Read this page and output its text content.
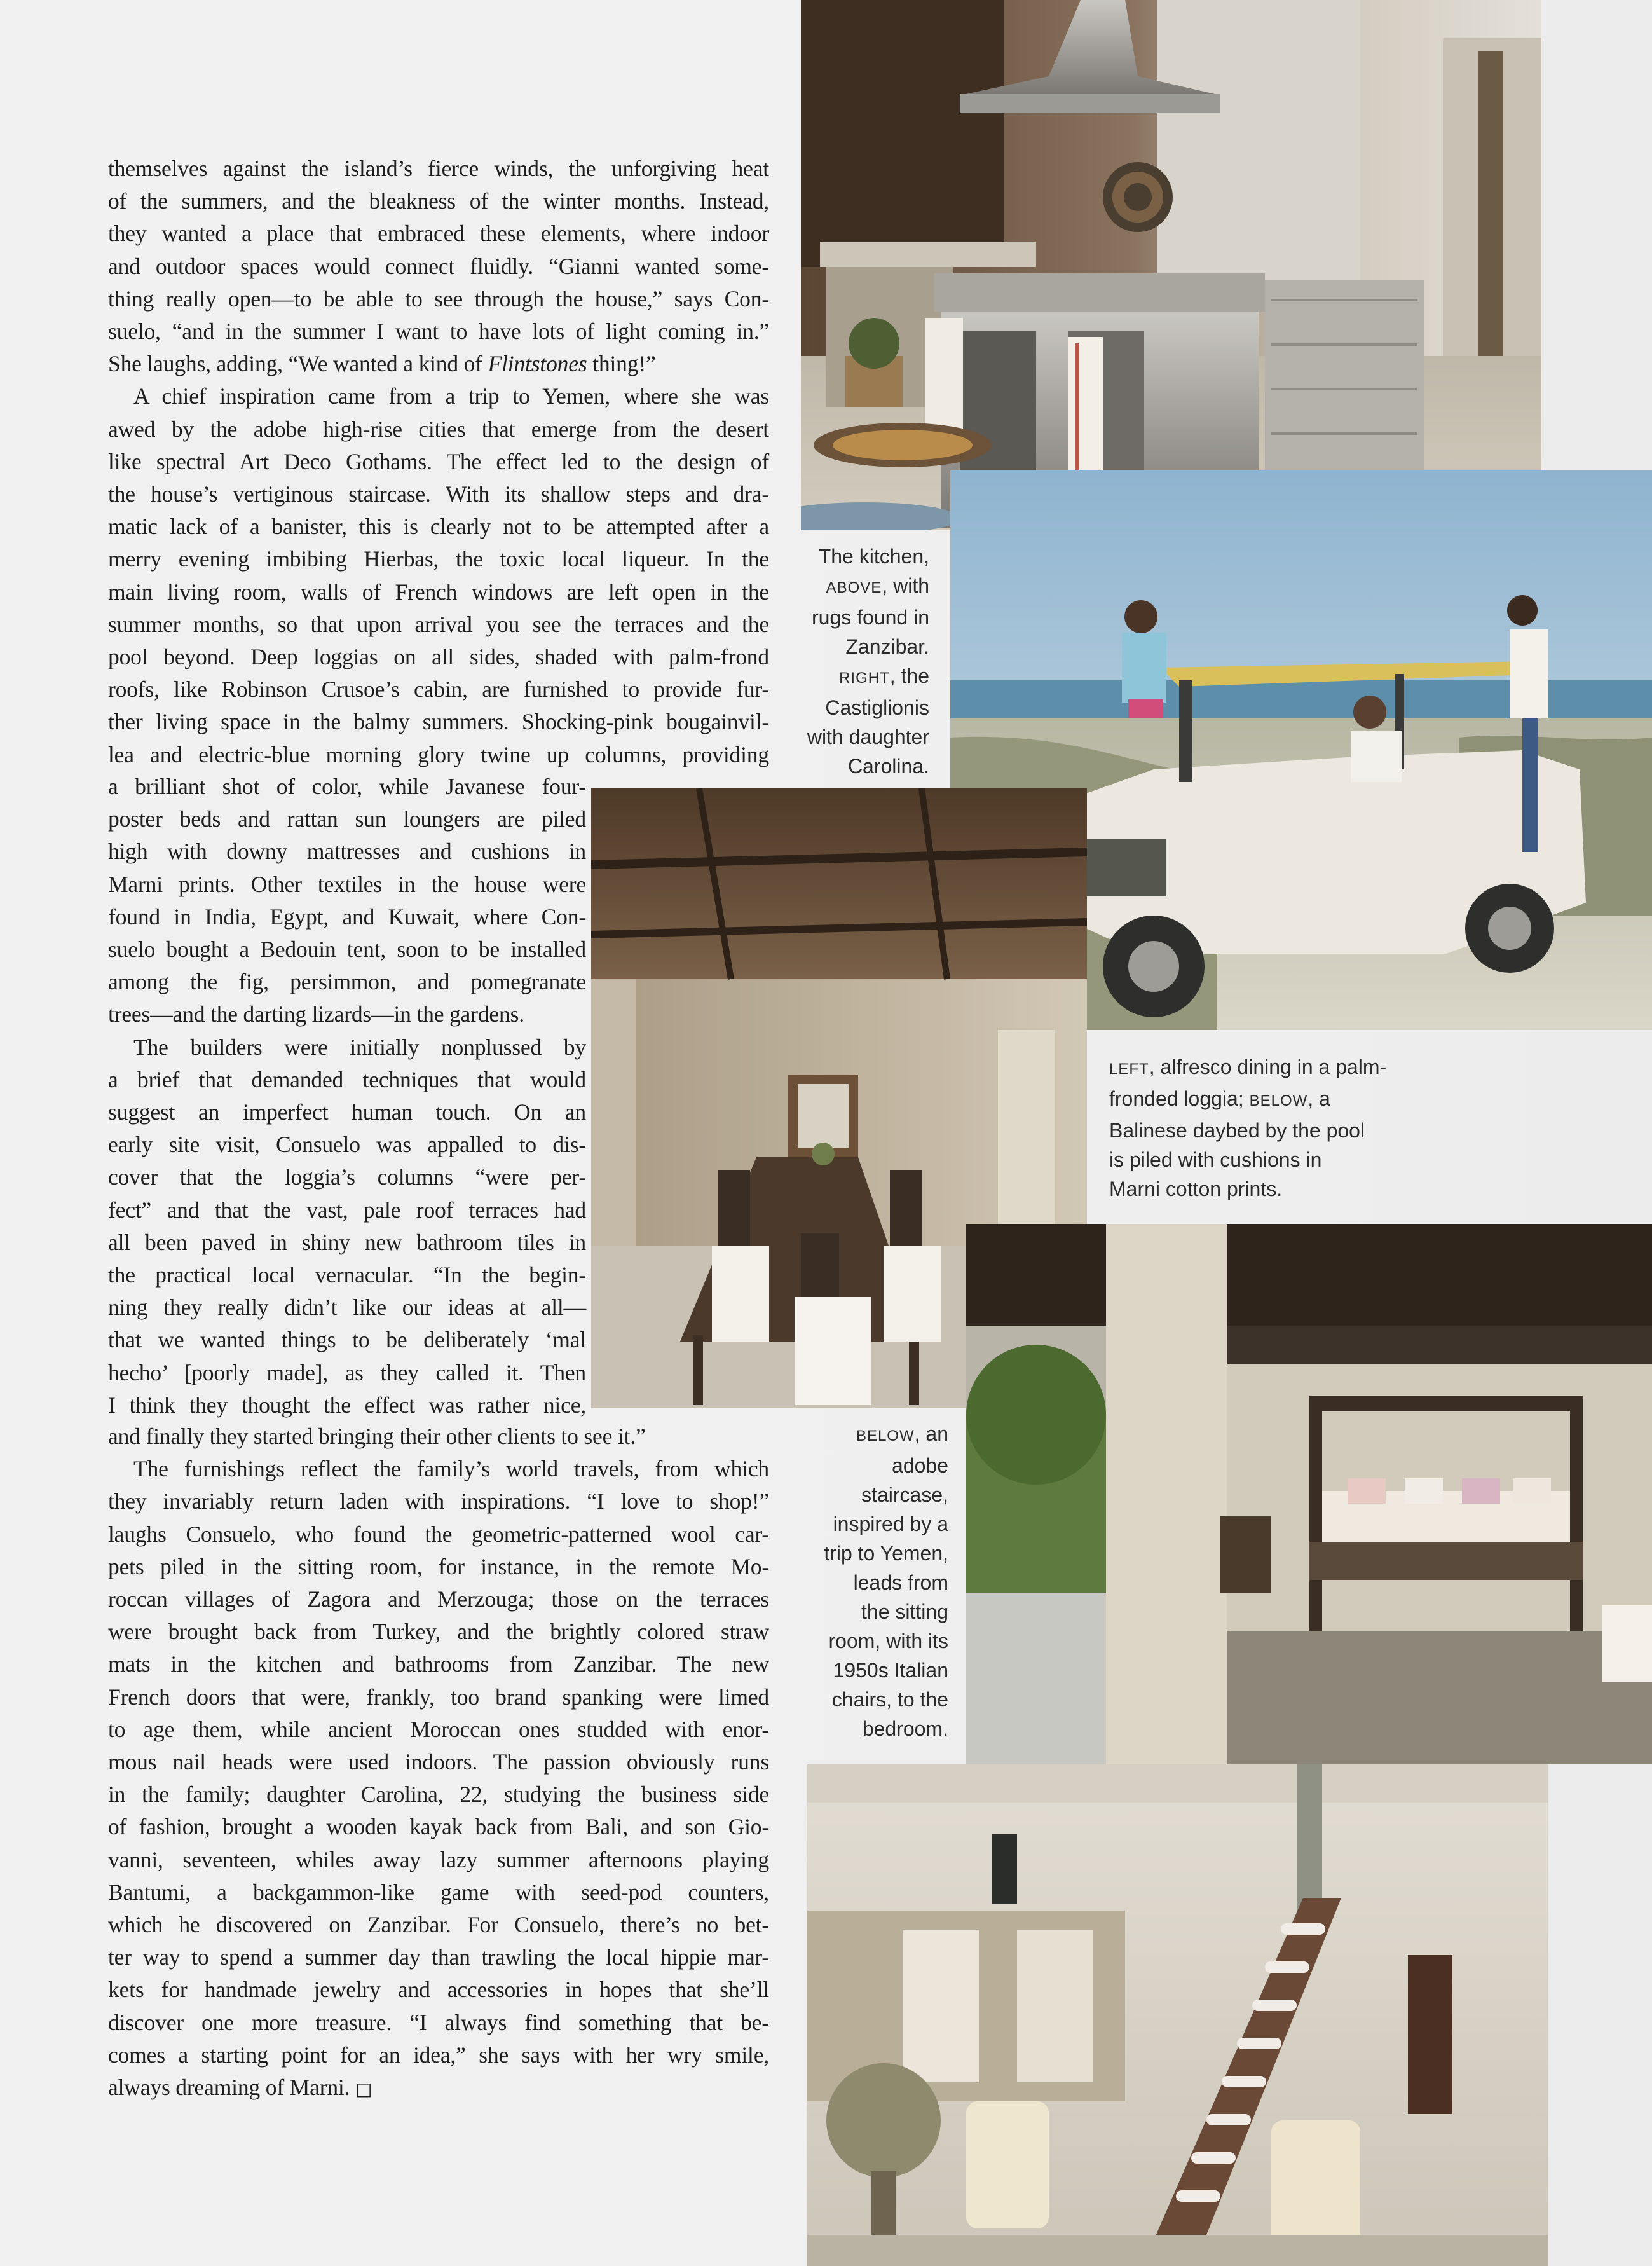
themselves against the island’s fierce winds, the unforgiving heat
of the summers, and the bleakness of the winter months. Instead,
they wanted a place that embraced these elements, where indoor
and outdoor spaces would connect fluidly. “Gianni wanted some-
thing really open—to be able to see through the house,” says Con-
suelo, “and in the summer I want to have lots of light coming in.”
She laughs, adding, “We wanted a kind of Flintstones thing!”
A chief inspiration came from a trip to Yemen, where she was
awed by the adobe high-rise cities that emerge from the desert
like spectral Art Deco Gothams. The effect led to the design of
the house’s vertiginous staircase. With its shallow steps and dra-
matic lack of a banister, this is clearly not to be attempted after a
merry evening imbibing Hierbas, the toxic local liqueur. In the
main living room, walls of French windows are left open in the
summer months, so that upon arrival you see the terraces and the
pool beyond. Deep loggias on all sides, shaded with palm-frond
roofs, like Robinson Crusoe’s cabin, are furnished to provide fur-
ther living space in the balmy summers. Shocking-pink bougainvil-
lea and electric-blue morning glory twine up columns, providing
a brilliant shot of color, while Javanese four-
poster beds and rattan sun loungers are piled
high with downy mattresses and cushions in
Marni prints. Other textiles in the house were
found in India, Egypt, and Kuwait, where Con-
suelo bought a Bedouin tent, soon to be installed
among the fig, persimmon, and pomegranate
trees—and the darting lizards—in the gardens.
The builders were initially nonplussed by
a brief that demanded techniques that would
suggest an imperfect human touch. On an
early site visit, Consuelo was appalled to dis-
cover that the loggia’s columns “were per-
fect” and that the vast, pale roof terraces had
all been paved in shiny new bathroom tiles in
the practical local vernacular. “In the begin-
ning they really didn’t like our ideas at all—
that we wanted things to be deliberately ‘mal
hecho’ [poorly made], as they called it. Then
I think they thought the effect was rather nice,
and finally they started bringing their other clients to see it.”
The furnishings reflect the family’s world travels, from which
they invariably return laden with inspirations. “I love to shop!”
laughs Consuelo, who found the geometric-patterned wool car-
pets piled in the sitting room, for instance, in the remote Mo-
roccan villages of Zagora and Merzouga; those on the terraces
were brought back from Turkey, and the brightly colored straw
mats in the kitchen and bathrooms from Zanzibar. The new
French doors that were, frankly, too brand spanking were limed
to age them, while ancient Moroccan ones studded with enor-
mous nail heads were used indoors. The passion obviously runs
in the family; daughter Carolina, 22, studying the business side
of fashion, brought a wooden kayak back from Bali, and son Gio-
vanni, seventeen, whiles away lazy summer afternoons playing
Bantumi, a backgammon-like game with seed-pod counters,
which he discovered on Zanzibar. For Consuelo, there’s no bet-
ter way to spend a summer day than trawling the local hippie mar-
kets for handmade jewelry and accessories in hopes that she’ll
discover one more treasure. “I always find something that be-
comes a starting point for an idea,” she says with her wry smile,
always dreaming of Marni. □
The kitchen,
ABOVE, with
rugs found in
Zanzibar.
RIGHT, the
Castiglionis
with daughter
Carolina.
LEFT, alfresco dining in a palm-
fronded loggia; BELOW, a
Balinese daybed by the pool
is piled with cushions in
Marni cotton prints.
BELOW, an
adobe
staircase,
inspired by a
trip to Yemen,
leads from
the sitting
room, with its
1950s Italian
chairs, to the
bedroom.
